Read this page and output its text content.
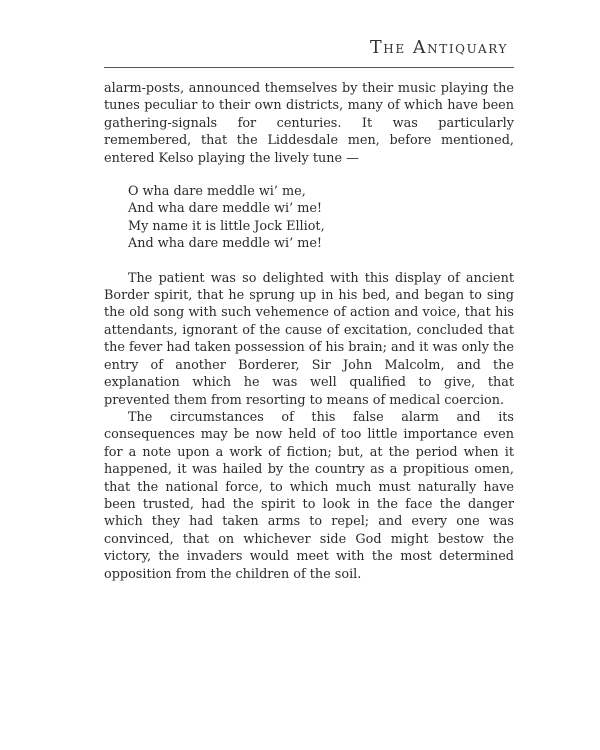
The Antiquary

alarm-posts, announced themselves by their music playing the tunes peculiar to their own districts, many of which have been gathering-signals for centuries. It was particularly remembered, that the Liddesdale men, before mentioned, entered Kelso playing the lively tune —

O wha dare meddle wi’ me,
And wha dare meddle wi’ me!
My name it is little Jock Elliot,
And wha dare meddle wi’ me!

The patient was so delighted with this display of ancient Border spirit, that he sprung up in his bed, and began to sing the old song with such vehemence of action and voice, that his attendants, ignorant of the cause of excitation, concluded that the fever had taken possession of his brain; and it was only the entry of another Borderer, Sir John Malcolm, and the explanation which he was well qualified to give, that prevented them from resorting to means of medical coercion.

The circumstances of this false alarm and its consequences may be now held of too little importance even for a note upon a work of fiction; but, at the period when it happened, it was hailed by the country as a propitious omen, that the national force, to which much must naturally have been trusted, had the spirit to look in the face the danger which they had taken arms to repel; and every one was convinced, that on whichever side God might bestow the victory, the invaders would meet with the most determined opposition from the children of the soil.
